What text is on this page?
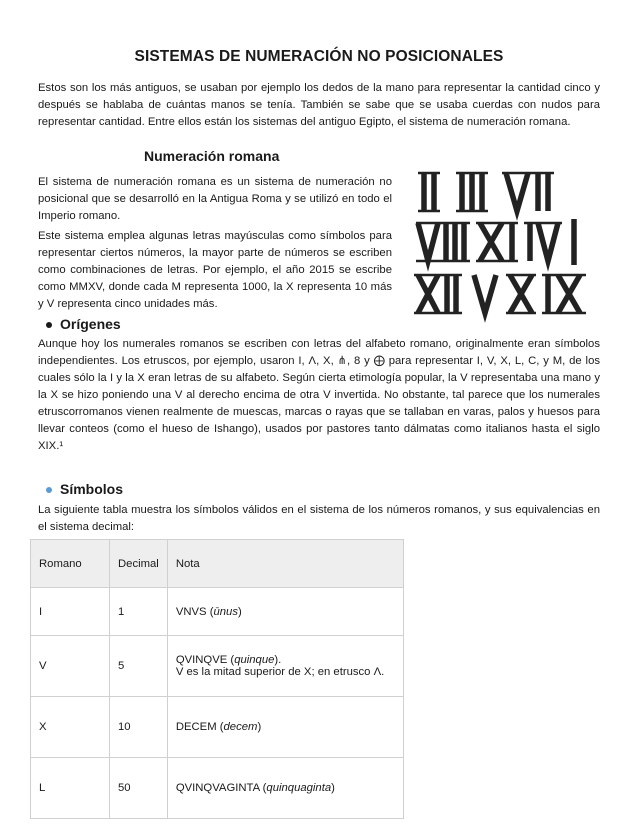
SISTEMAS DE NUMERACIÓN NO POSICIONALES
Estos son los más antiguos, se usaban por ejemplo los dedos de la mano para representar la cantidad cinco y después se hablaba de cuántas manos se tenía. También se sabe que se usaba cuerdas con nudos para representar cantidad. Entre ellos están los sistemas del antiguo Egipto, el sistema de numeración romana.
Numeración romana
El sistema de numeración romana es un sistema de numeración no posicional que se desarrolló en la Antigua Roma y se utilizó en todo el Imperio romano.
Este sistema emplea algunas letras mayúsculas como símbolos para representar ciertos números, la mayor parte de números se escriben como combinaciones de letras. Por ejemplo, el año 2015 se escribe como MMXV, donde cada M representa 1000, la X representa 10 más y V representa cinco unidades más.
Orígenes
Aunque hoy los numerales romanos se escriben con letras del alfabeto romano, originalmente eran símbolos independientes. Los etruscos, por ejemplo, usaron I, Λ, X, ⋔, 8 y ⨁ para representar I, V, X, L, C, y M, de los cuales sólo la I y la X eran letras de su alfabeto. Según cierta etimología popular, la V representaba una mano y la X se hizo poniendo una V al derecho encima de otra V invertida. No obstante, tal parece que los numerales etruscorromanos vienen realmente de muescas, marcas o rayas que se tallaban en varas, palos y huesos para llevar conteos (como el hueso de Ishango), usados por pastores tanto dálmatas como italianos hasta el siglo XIX.¹
Símbolos
La siguiente tabla muestra los símbolos válidos en el sistema de los números romanos, y sus equivalencias en el sistema decimal:
Romano	Decimal	Nota
I	1	VNVS (ūnus)
V	5	QVINQVE (quinque).
V es la mitad superior de X; en etrusco Λ.

X	10	DECEM (decem)
L	50	QVINQVAGINTA (quinquaginta)
